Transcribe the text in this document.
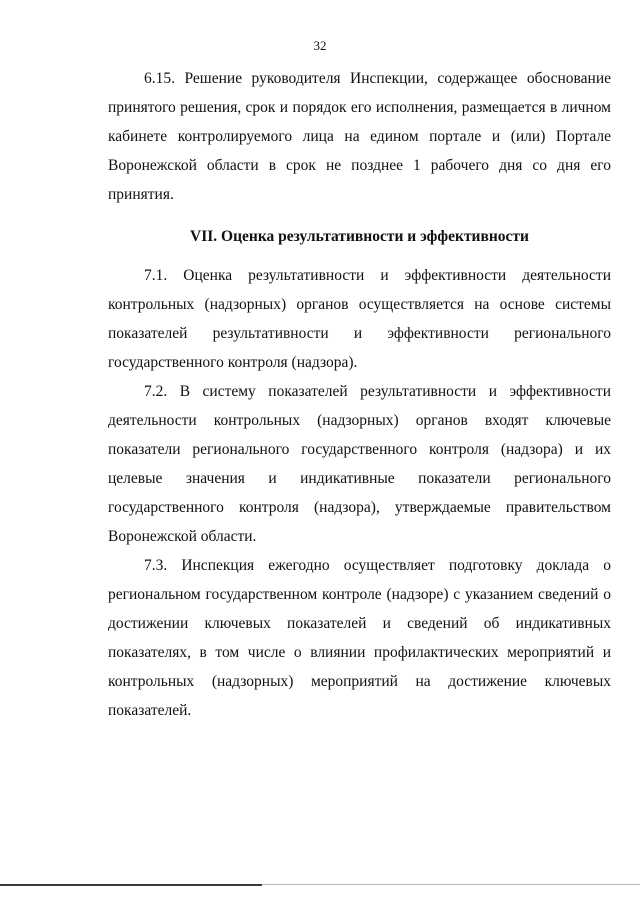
32

6.15. Решение руководителя Инспекции, содержащее обоснование принятого решения, срок и порядок его исполнения, размещается в личном кабинете контролируемого лица на едином портале и (или) Портале Воронежской области в срок не позднее 1 рабочего дня со дня его принятия.

VII. Оценка результативности и эффективности

7.1. Оценка результативности и эффективности деятельности контрольных (надзорных) органов осуществляется на основе системы показателей результативности и эффективности регионального государственного контроля (надзора).

7.2. В систему показателей результативности и эффективности деятельности контрольных (надзорных) органов входят ключевые показатели регионального государственного контроля (надзора) и их целевые значения и индикативные показатели регионального государственного контроля (надзора), утверждаемые правительством Воронежской области.

7.3. Инспекция ежегодно осуществляет подготовку доклада о региональном государственном контроле (надзоре) с указанием сведений о достижении ключевых показателей и сведений об индикативных показателях, в том числе о влиянии профилактических мероприятий и контрольных (надзорных) мероприятий на достижение ключевых показателей.
